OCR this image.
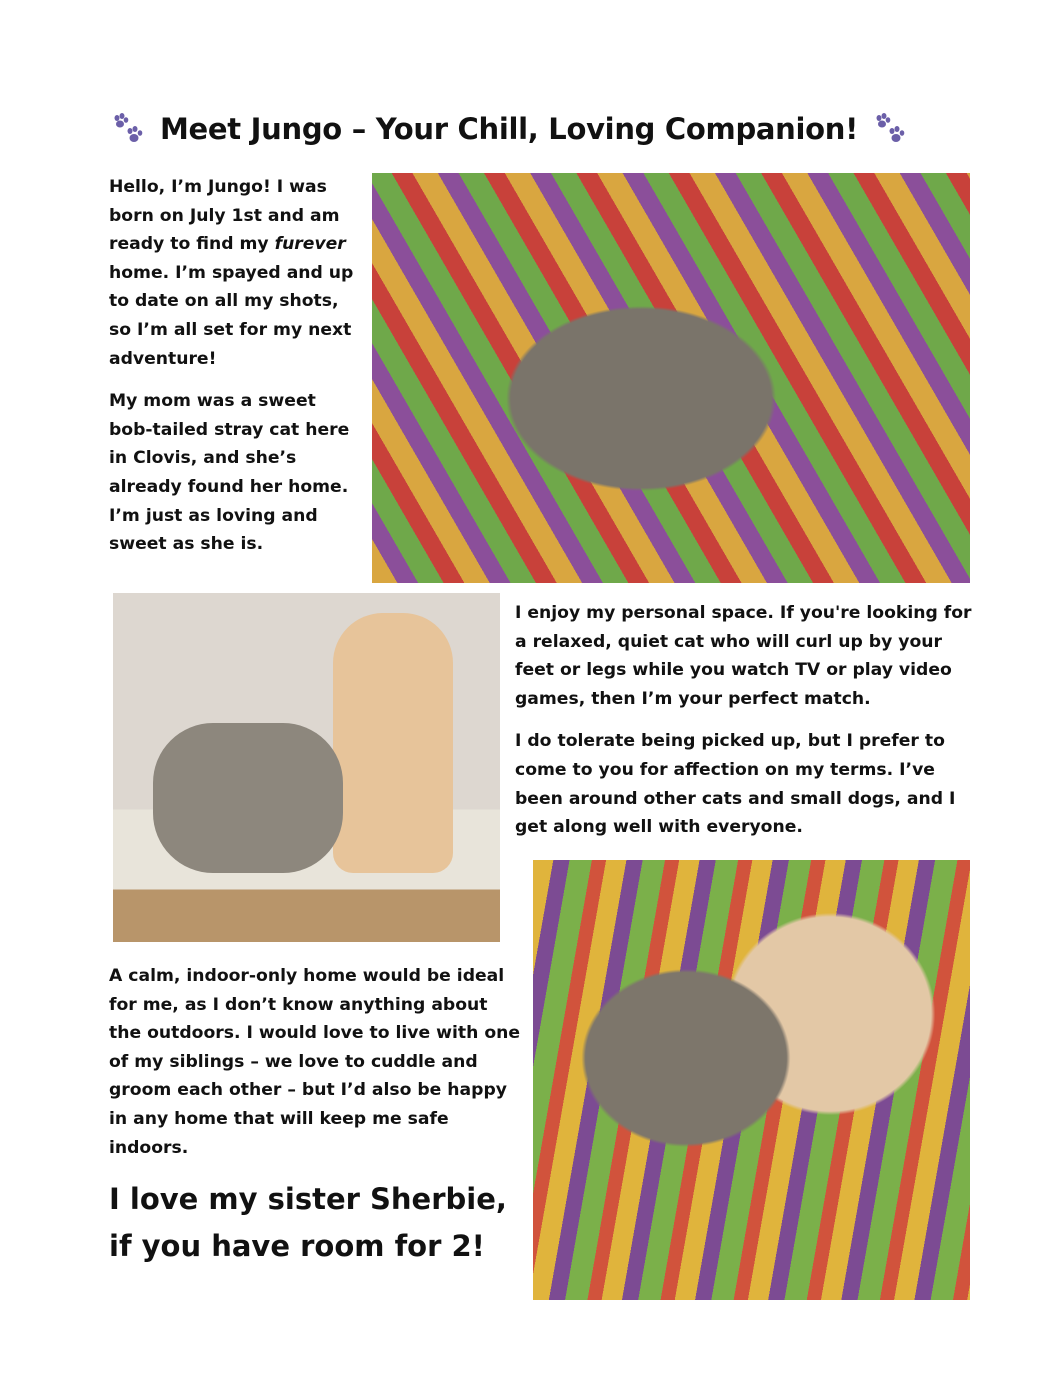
Meet Jungo – Your Chill, Loving Companion!

Hello, I’m Jungo! I was born on July 1st and am ready to find my furever home. I’m spayed and up to date on all my shots, so I’m all set for my next adventure!

My mom was a sweet bob-tailed stray cat here in Clovis, and she’s already found her home. I’m just as loving and sweet as she is.

I enjoy my personal space. If you're looking for a relaxed, quiet cat who will curl up by your feet or legs while you watch TV or play video games, then I’m your perfect match.

I do tolerate being picked up, but I prefer to come to you for affection on my terms. I’ve been around other cats and small dogs, and I get along well with everyone.

A calm, indoor-only home would be ideal for me, as I don’t know anything about the outdoors. I would love to live with one of my siblings – we love to cuddle and groom each other – but I’d also be happy in any home that will keep me safe indoors.

I love my sister Sherbie,
if you have room for 2!
